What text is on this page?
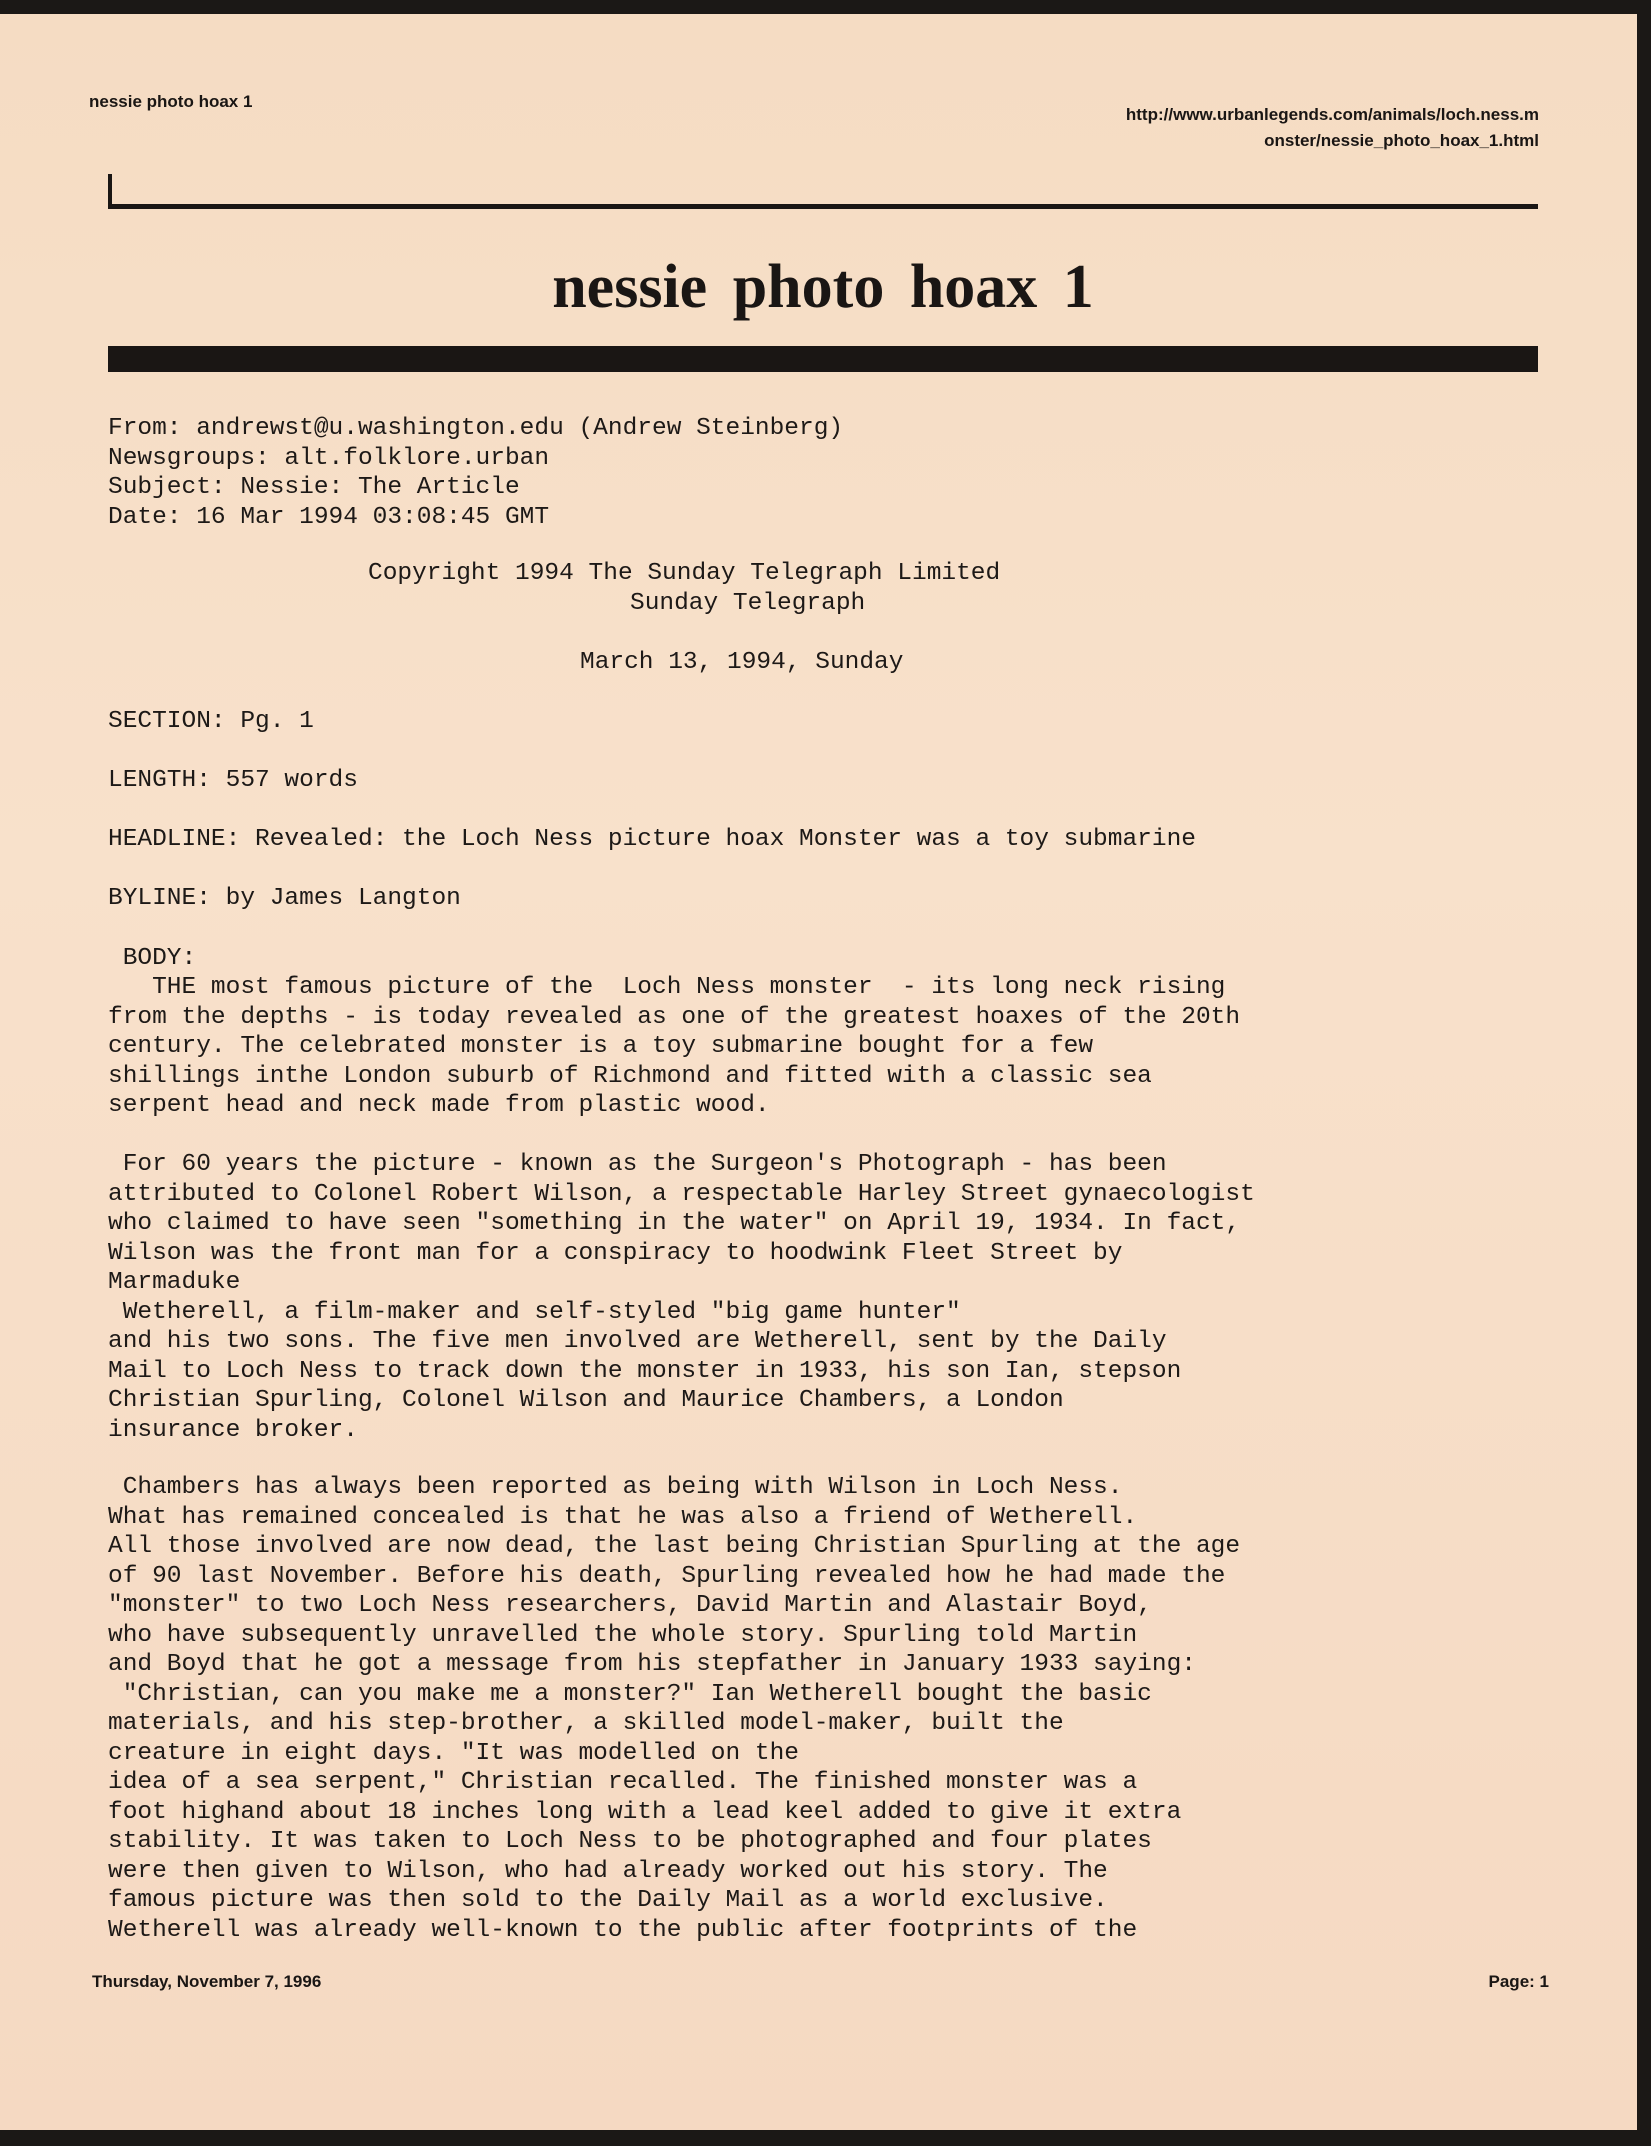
nessie photo hoax 1
http://www.urbanlegends.com/animals/loch.ness.m
onster/nessie_photo_hoax_1.html
nessie photo hoax 1
From: andrewst@u.washington.edu (Andrew Steinberg)
Newsgroups: alt.folklore.urban
Subject: Nessie: The Article
Date: 16 Mar 1994 03:08:45 GMT
Copyright 1994 The Sunday Telegraph Limited
Sunday Telegraph
March 13, 1994, Sunday
SECTION: Pg. 1
LENGTH: 557 words
HEADLINE: Revealed: the Loch Ness picture hoax Monster was a toy submarine
BYLINE: by James Langton
BODY:
THE most famous picture of the  Loch Ness monster  - its long neck rising
from the depths - is today revealed as one of the greatest hoaxes of the 20th
century. The celebrated monster is a toy submarine bought for a few
shillings inthe London suburb of Richmond and fitted with a classic sea
serpent head and neck made from plastic wood.
For 60 years the picture - known as the Surgeon's Photograph - has been
attributed to Colonel Robert Wilson, a respectable Harley Street gynaecologist
who claimed to have seen "something in the water" on April 19, 1934. In fact,
Wilson was the front man for a conspiracy to hoodwink Fleet Street by
Marmaduke
Wetherell, a film-maker and self-styled "big game hunter"
and his two sons. The five men involved are Wetherell, sent by the Daily
Mail to Loch Ness to track down the monster in 1933, his son Ian, stepson
Christian Spurling, Colonel Wilson and Maurice Chambers, a London
insurance broker.
Chambers has always been reported as being with Wilson in Loch Ness.
What has remained concealed is that he was also a friend of Wetherell.
All those involved are now dead, the last being Christian Spurling at the age
of 90 last November. Before his death, Spurling revealed how he had made the
"monster" to two Loch Ness researchers, David Martin and Alastair Boyd,
who have subsequently unravelled the whole story. Spurling told Martin
and Boyd that he got a message from his stepfather in January 1933 saying:
"Christian, can you make me a monster?" Ian Wetherell bought the basic
materials, and his step-brother, a skilled model-maker, built the
creature in eight days. "It was modelled on the
idea of a sea serpent," Christian recalled. The finished monster was a
foot highand about 18 inches long with a lead keel added to give it extra
stability. It was taken to Loch Ness to be photographed and four plates
were then given to Wilson, who had already worked out his story. The
famous picture was then sold to the Daily Mail as a world exclusive.
Wetherell was already well-known to the public after footprints of the
Thursday, November 7, 1996	Page: 1
